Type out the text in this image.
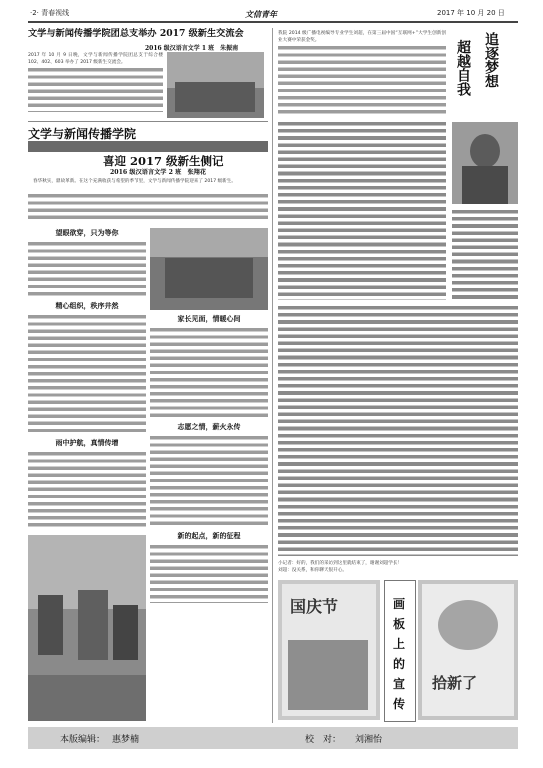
·2· 青春视线	文信青年	2017 年 10 月 20 日
文学与新闻传播学院团总支举办 2017 级新生交流会
2016 级汉语言文学 1 班　朱振南
2017 年 10 月 9 日晚，文学与新闻传播学院团总支于综合楼 102、402、603 举办了 2017 级新生交流会。
文学与新闻传播学院
喜迎 2017 级新生侧记
2016 级汉语言文学 2 班　张翔花
春华秋实，鼎故革新。在这个充满收获与希望的季节里，文学与新闻传播学院迎来了 2017 级新生。
望眼欲穿，只为等你
精心组织，秩序井然
雨中护航，真情传增
家长见面，情暖心间
志愿之情，薪火永传
新的起点，新的征程
我院 2014 级广播电视编导专业学生刘超，在第三届中国“互联网+”大学生创新创业大赛中荣获金奖。	超越自我 追逐梦想
小记者：好的，我们的采访到这里就结束了，谢谢刘超学长！
刘超：没关系，和你聊天很开心。
国庆节	画
板
上
的
宣
传
拾新了
本版编辑： 惠梦楠	校　对： 刘湘怡
